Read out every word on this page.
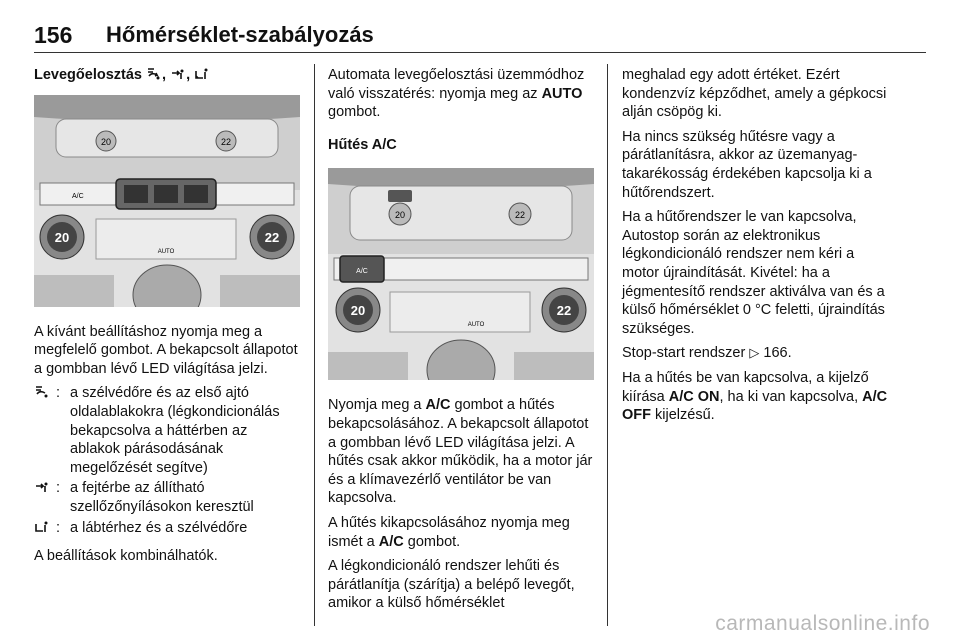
156	Hőmérséklet-szabályozás
Levegőelosztás , ,
20	22
A/C
20	22
AUTO

A kívánt beállításhoz nyomja meg a megfelelő gombot. A bekapcsolt állapotot a gombban lévő LED világítása jelzi.

: a szélvédőre és az első ajtó oldalablakokra (légkondicionálás bekapcsolva a háttérben az ablakok párásodásának megelőzését segítve)
: a fejtérbe az állítható szellőzőnyílásokon keresztül
: a lábtérhez és a szélvédőre

A beállítások kombinálhatók.

Automata levegőelosztási üzemmódhoz való visszatérés: nyomja meg az AUTO gombot.

Hűtés A/C
20	22
A/C
20	22
AUTO

Nyomja meg a A/C gombot a hűtés bekapcsolásához. A bekapcsolt állapotot a gombban lévő LED világítása jelzi. A hűtés csak akkor működik, ha a motor jár és a klímavezérlő ventilátor be van kapcsolva.

A hűtés kikapcsolásához nyomja meg ismét a A/C gombot.

A légkondicionáló rendszer lehűti és párátlanítja (szárítja) a belépő levegőt, amikor a külső hőmérséklet

meghalad egy adott értéket. Ezért kondenzvíz képződhet, amely a gépkocsi alján csöpög ki.

Ha nincs szükség hűtésre vagy a párátlanításra, akkor az üzemanyag-takarékosság érdekében kapcsolja ki a hűtőrendszert.

Ha a hűtőrendszer le van kapcsolva, Autostop során az elektronikus légkondicionáló rendszer nem kéri a motor újraindítását. Kivétel: ha a jégmentesítő rendszer aktiválva van és a külső hőmérséklet 0 °C feletti, újraindítás szükséges.

Stop-start rendszer ▷ 166.

Ha a hűtés be van kapcsolva, a kijelző kiírása A/C ON, ha ki van kapcsolva, A/C OFF kijelzésű.

carmanualsonline.info
